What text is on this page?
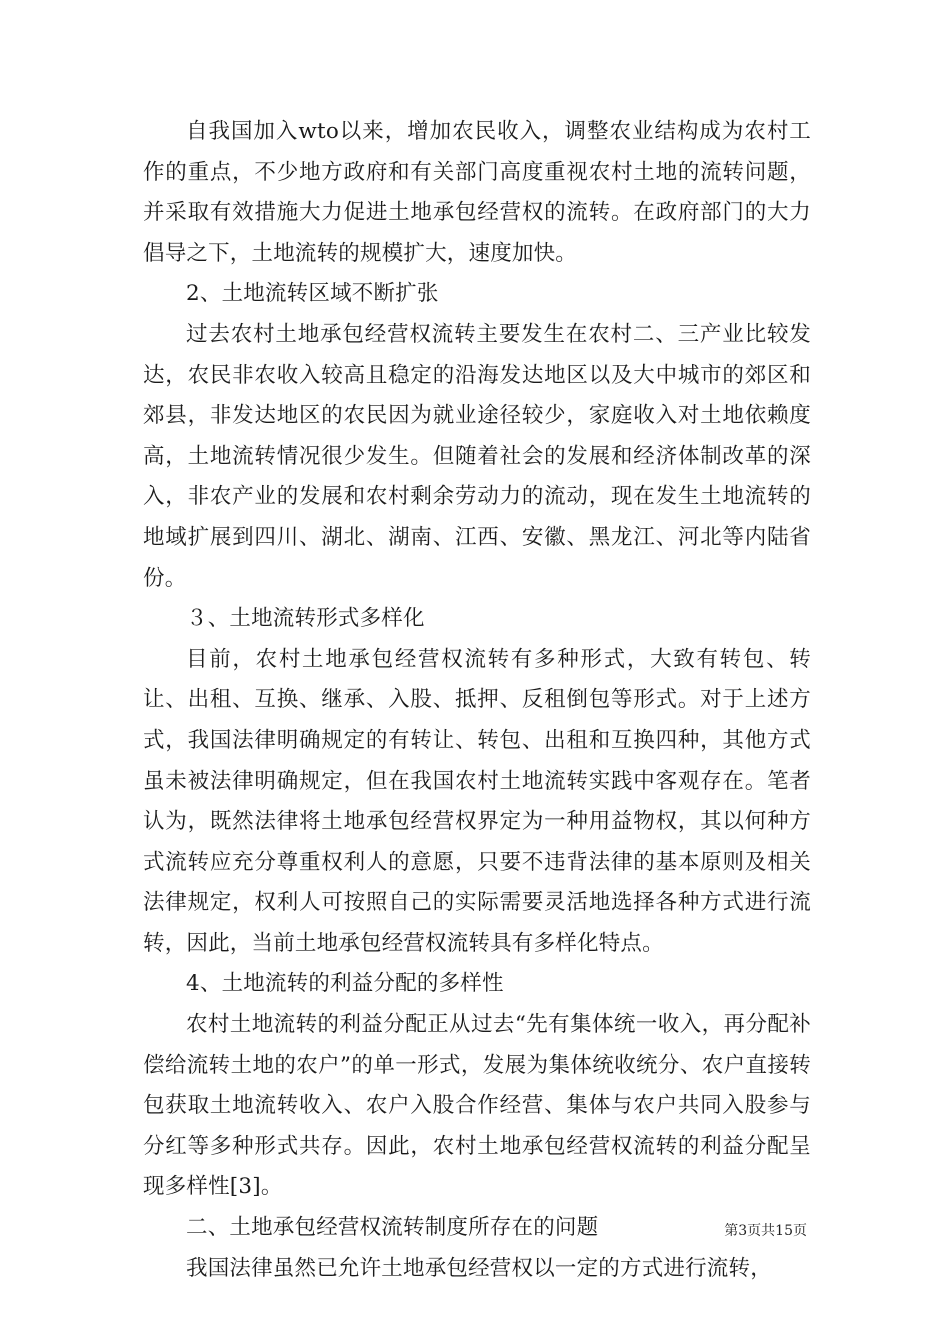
自我国加入wto以来，增加农民收入，调整农业结构成为农村工作的重点，不少地方政府和有关部门高度重视农村土地的流转问题，并采取有效措施大力促进土地承包经营权的流转。在政府部门的大力倡导之下，土地流转的规模扩大，速度加快。

2、土地流转区域不断扩张

过去农村土地承包经营权流转主要发生在农村二、三产业比较发达，农民非农收入较高且稳定的沿海发达地区以及大中城市的郊区和郊县，非发达地区的农民因为就业途径较少，家庭收入对土地依赖度高，土地流转情况很少发生。但随着社会的发展和经济体制改革的深入，非农产业的发展和农村剩余劳动力的流动，现在发生土地流转的地域扩展到四川、湖北、湖南、江西、安徽、黑龙江、河北等内陆省份。

３、土地流转形式多样化

目前，农村土地承包经营权流转有多种形式，大致有转包、转让、出租、互换、继承、入股、抵押、反租倒包等形式。对于上述方式，我国法律明确规定的有转让、转包、出租和互换四种，其他方式虽未被法律明确规定，但在我国农村土地流转实践中客观存在。笔者认为，既然法律将土地承包经营权界定为一种用益物权，其以何种方式流转应充分尊重权利人的意愿，只要不违背法律的基本原则及相关法律规定，权利人可按照自己的实际需要灵活地选择各种方式进行流转，因此，当前土地承包经营权流转具有多样化特点。

4、土地流转的利益分配的多样性

农村土地流转的利益分配正从过去“先有集体统一收入，再分配补偿给流转土地的农户”的单一形式，发展为集体统收统分、农户直接转包获取土地流转收入、农户入股合作经营、集体与农户共同入股参与分红等多种形式共存。因此，农村土地承包经营权流转的利益分配呈现多样性[3]。

二、土地承包经营权流转制度所存在的问题

我国法律虽然已允许土地承包经营权以一定的方式进行流转，

第3页共15页
